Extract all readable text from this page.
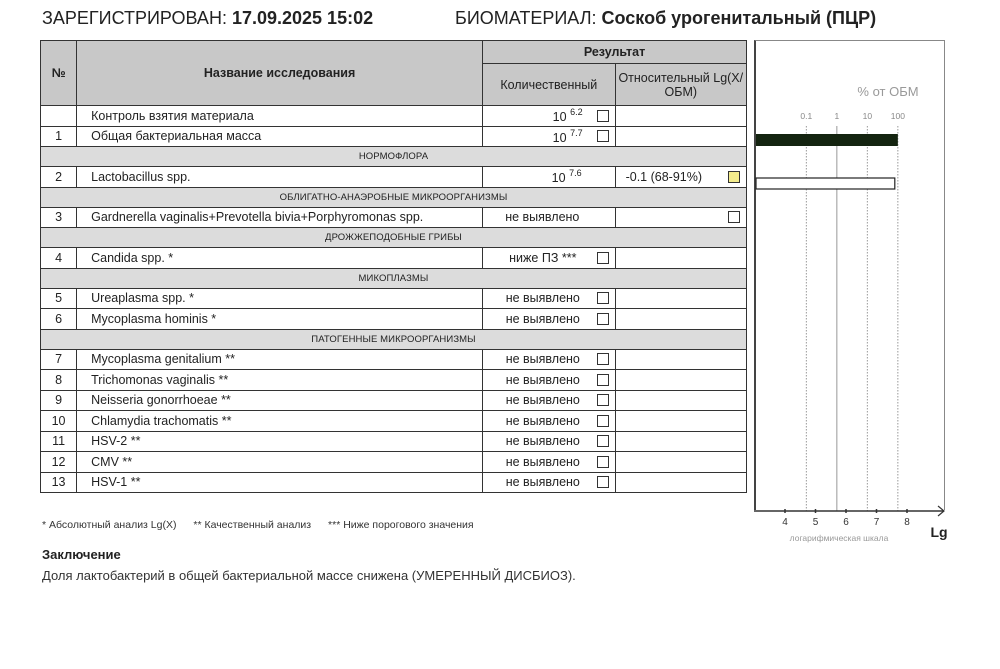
ЗАРЕГИСТРИРОВАН: 17.09.2025 15:02	БИОМАТЕРИАЛ: Соскоб урогенитальный (ПЦР)
№	Название исследования	Результат	
		Количественный	Относительный Lg(X/ОБМ)
	Контроль взятия материала	10 $^{6.2}$

1	Общая бактериальная масса	10 $^{7.7}$

НОРМОФЛОРА			
2	Lactobacillus spp.	10 $^{7.6}$	-0.1 (68-91%)

ОБЛИГАТНО-АНАЭРОБНЫЕ МИКРООРГАНИЗМЫ			
3	Gardnerella vaginalis+Prevotella bivia+Porphyromonas spp.	не выявлено	

ДРОЖЖЕПОДОБНЫЕ ГРИБЫ			
4	Candida spp. *	ниже ПЗ ***	

МИКОПЛАЗМЫ			
5	Ureaplasma spp. *	не выявлено	

6	Mycoplasma hominis *	не выявлено	

ПАТОГЕННЫЕ МИКРООРГАНИЗМЫ			
7	Mycoplasma genitalium **	не выявлено	

8	Trichomonas vaginalis **	не выявлено	

9	Neisseria gonorrhoeae **	не выявлено	

10	Chlamydia trachomatis **	не выявлено	

11	HSV-2 **	не выявлено	

12	CMV **	не выявлено	

13	HSV-1 **	не выявлено	

% от ОБМ
0.1	1	10 100
4 5 6 7 8
логарифмическая шкала	Lg
* Абсолютный анализ Lg(X) ** Качественный анализ *** Ниже порогового значения
Заключение
Доля лактобактерий в общей бактериальной массе снижена (УМЕРЕННЫЙ ДИСБИОЗ).
